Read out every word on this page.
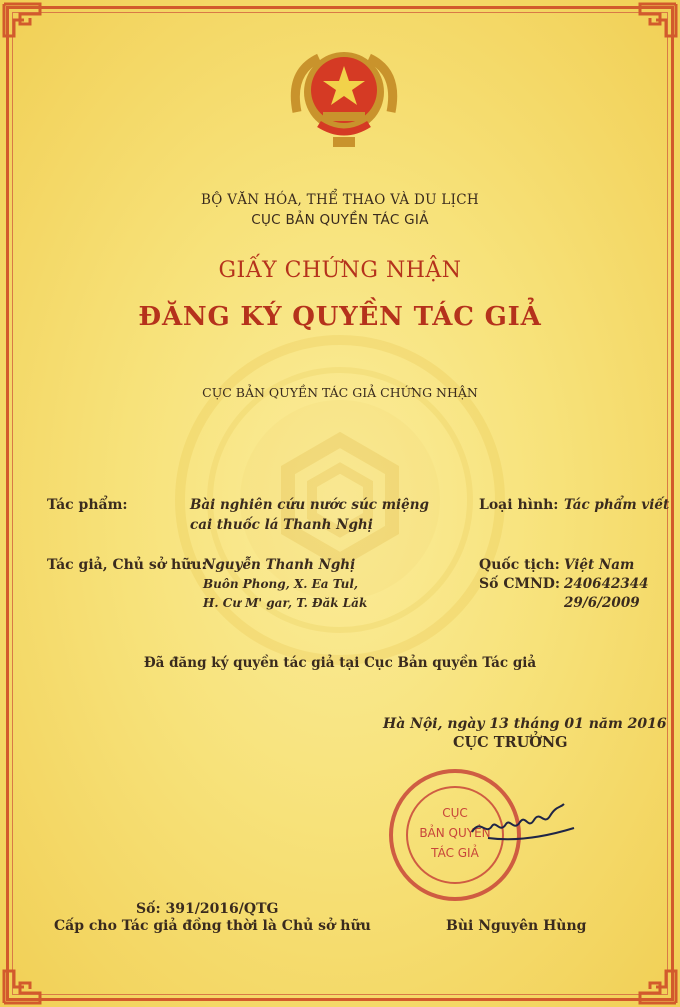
BỘ VĂN HÓA, THỂ THAO VÀ DU LỊCH
CỤC BẢN QUYỀN TÁC GIẢ
GIẤY CHỨNG NHẬN
ĐĂNG KÝ QUYỀN TÁC GIẢ
CỤC BẢN QUYỀN TÁC GIẢ CHỨNG NHẬN
Tác phẩm:	Bài nghiên cứu nước súc miệng
cai thuốc lá Thanh Nghị
Loại hình: Tác phẩm viết
Tác giả, Chủ sở hữu:
Nguyễn Thanh Nghị
Buôn Phong, X. Ea Tul,
H. Cư M' gar, T. Đăk Lăk
Quốc tịch: Việt Nam
Số CMND: 240642344
29/6/2009
Đã đăng ký quyền tác giả tại Cục Bản quyền Tác giả
Hà Nội, ngày 13 tháng 01 năm 2016
CỤC TRƯỞNG
CỤC
BẢN QUYỀN
TÁC GIẢ
Số: 391/2016/QTG
Cấp cho Tác giả đồng thời là Chủ sở hữu	Bùi Nguyên Hùng
